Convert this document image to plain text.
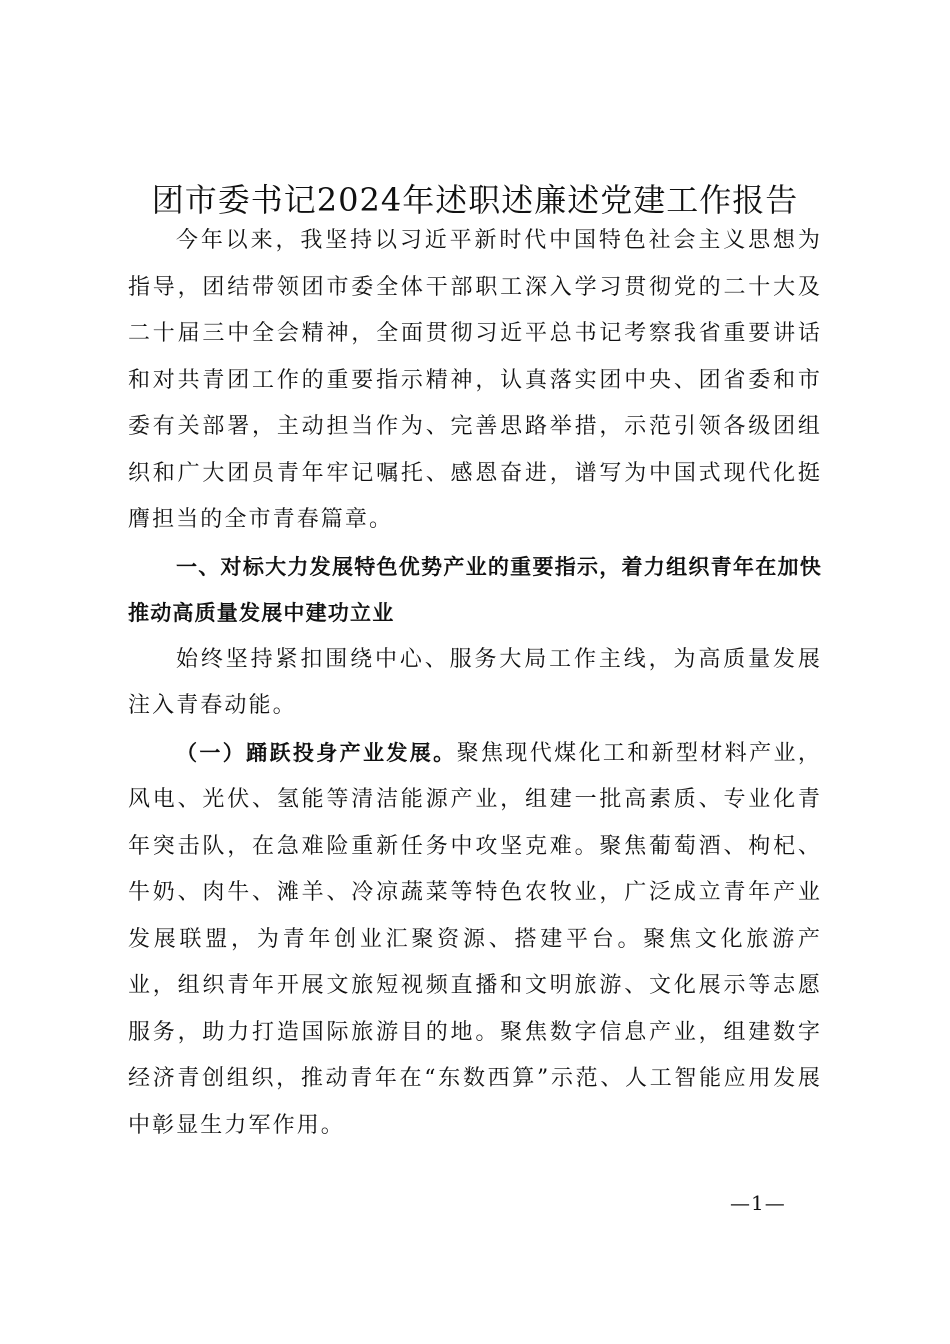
团市委书记2024年述职述廉述党建工作报告

今年以来，我坚持以习近平新时代中国特色社会主义思想为指导，团结带领团市委全体干部职工深入学习贯彻党的二十大及二十届三中全会精神，全面贯彻习近平总书记考察我省重要讲话和对共青团工作的重要指示精神，认真落实团中央、团省委和市委有关部署，主动担当作为、完善思路举措，示范引领各级团组织和广大团员青年牢记嘱托、感恩奋进，谱写为中国式现代化挺膺担当的全市青春篇章。

一、对标大力发展特色优势产业的重要指示，着力组织青年在加快推动高质量发展中建功立业

始终坚持紧扣围绕中心、服务大局工作主线，为高质量发展注入青春动能。

（一）踊跃投身产业发展。聚焦现代煤化工和新型材料产业，风电、光伏、氢能等清洁能源产业，组建一批高素质、专业化青年突击队，在急难险重新任务中攻坚克难。聚焦葡萄酒、枸杞、牛奶、肉牛、滩羊、冷凉蔬菜等特色农牧业，广泛成立青年产业发展联盟，为青年创业汇聚资源、搭建平台。聚焦文化旅游产业，组织青年开展文旅短视频直播和文明旅游、文化展示等志愿服务，助力打造国际旅游目的地。聚焦数字信息产业，组建数字经济青创组织，推动青年在“东数西算”示范、人工智能应用发展中彰显生力军作用。

—1—
